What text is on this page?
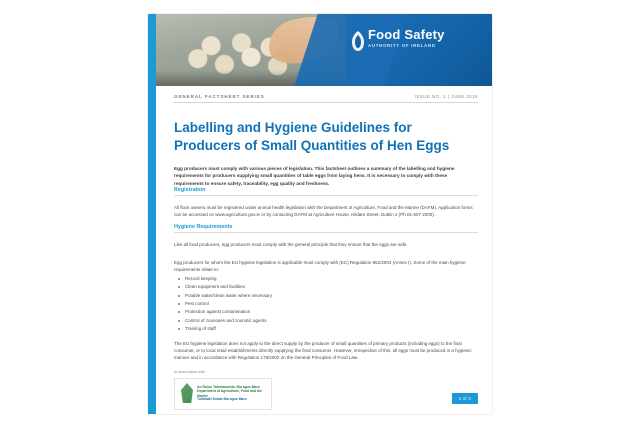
Food Safety
AUTHORITY OF IRELAND
GENERAL FACTSHEET SERIES	ISSUE NO. 2 | JUNE 2015
Labelling and Hygiene Guidelines for Producers of Small Quantities of Hen Eggs

Egg producers must comply with various pieces of legislation. This factsheet outlines a summary of the labelling and hygiene requirements for producers supplying small quantities of table eggs from laying hens. It is necessary to comply with these requirements to ensure safety, traceability, egg quality and freshness.

Registration

All flock owners must be registered under animal health legislation with the Department of Agriculture, Food and the Marine (DAFM). Application forms can be accessed on www.agriculture.gov.ie or by contacting DAFM at Agriculture House, Kildare Street, Dublin 2 (Ph 01-607 2000).

Hygiene Requirements

Like all food producers, egg producers must comply with the general principle that they ensure that the eggs are safe.

Egg producers for whom the EU hygiene legislation is applicable must comply with (EC) Regulation 852/2004 (Annex I). Some of the main hygiene requirements relate to:

Record keeping
Clean equipment and facilities
Potable water/clean water where necessary
Pest control
Protection against contamination
Control of zoonoses and zoonotic agents
Training of staff

The EU hygiene legislation does not apply to the direct supply by the producer of small quantities of primary products (including eggs) to the final consumer, or to local retail establishments directly supplying the final consumer. However, irrespective of this, all eggs must be produced in a hygienic manner and in accordance with Regulation 178/2002 on the General Principles of Food Law.

In association with
An Roinn Talmhaíochta, Bia agus Mara Department of Agriculture, Food and the Marine
Tuilleadh Eolais Bia agus Mara	1 of 3
